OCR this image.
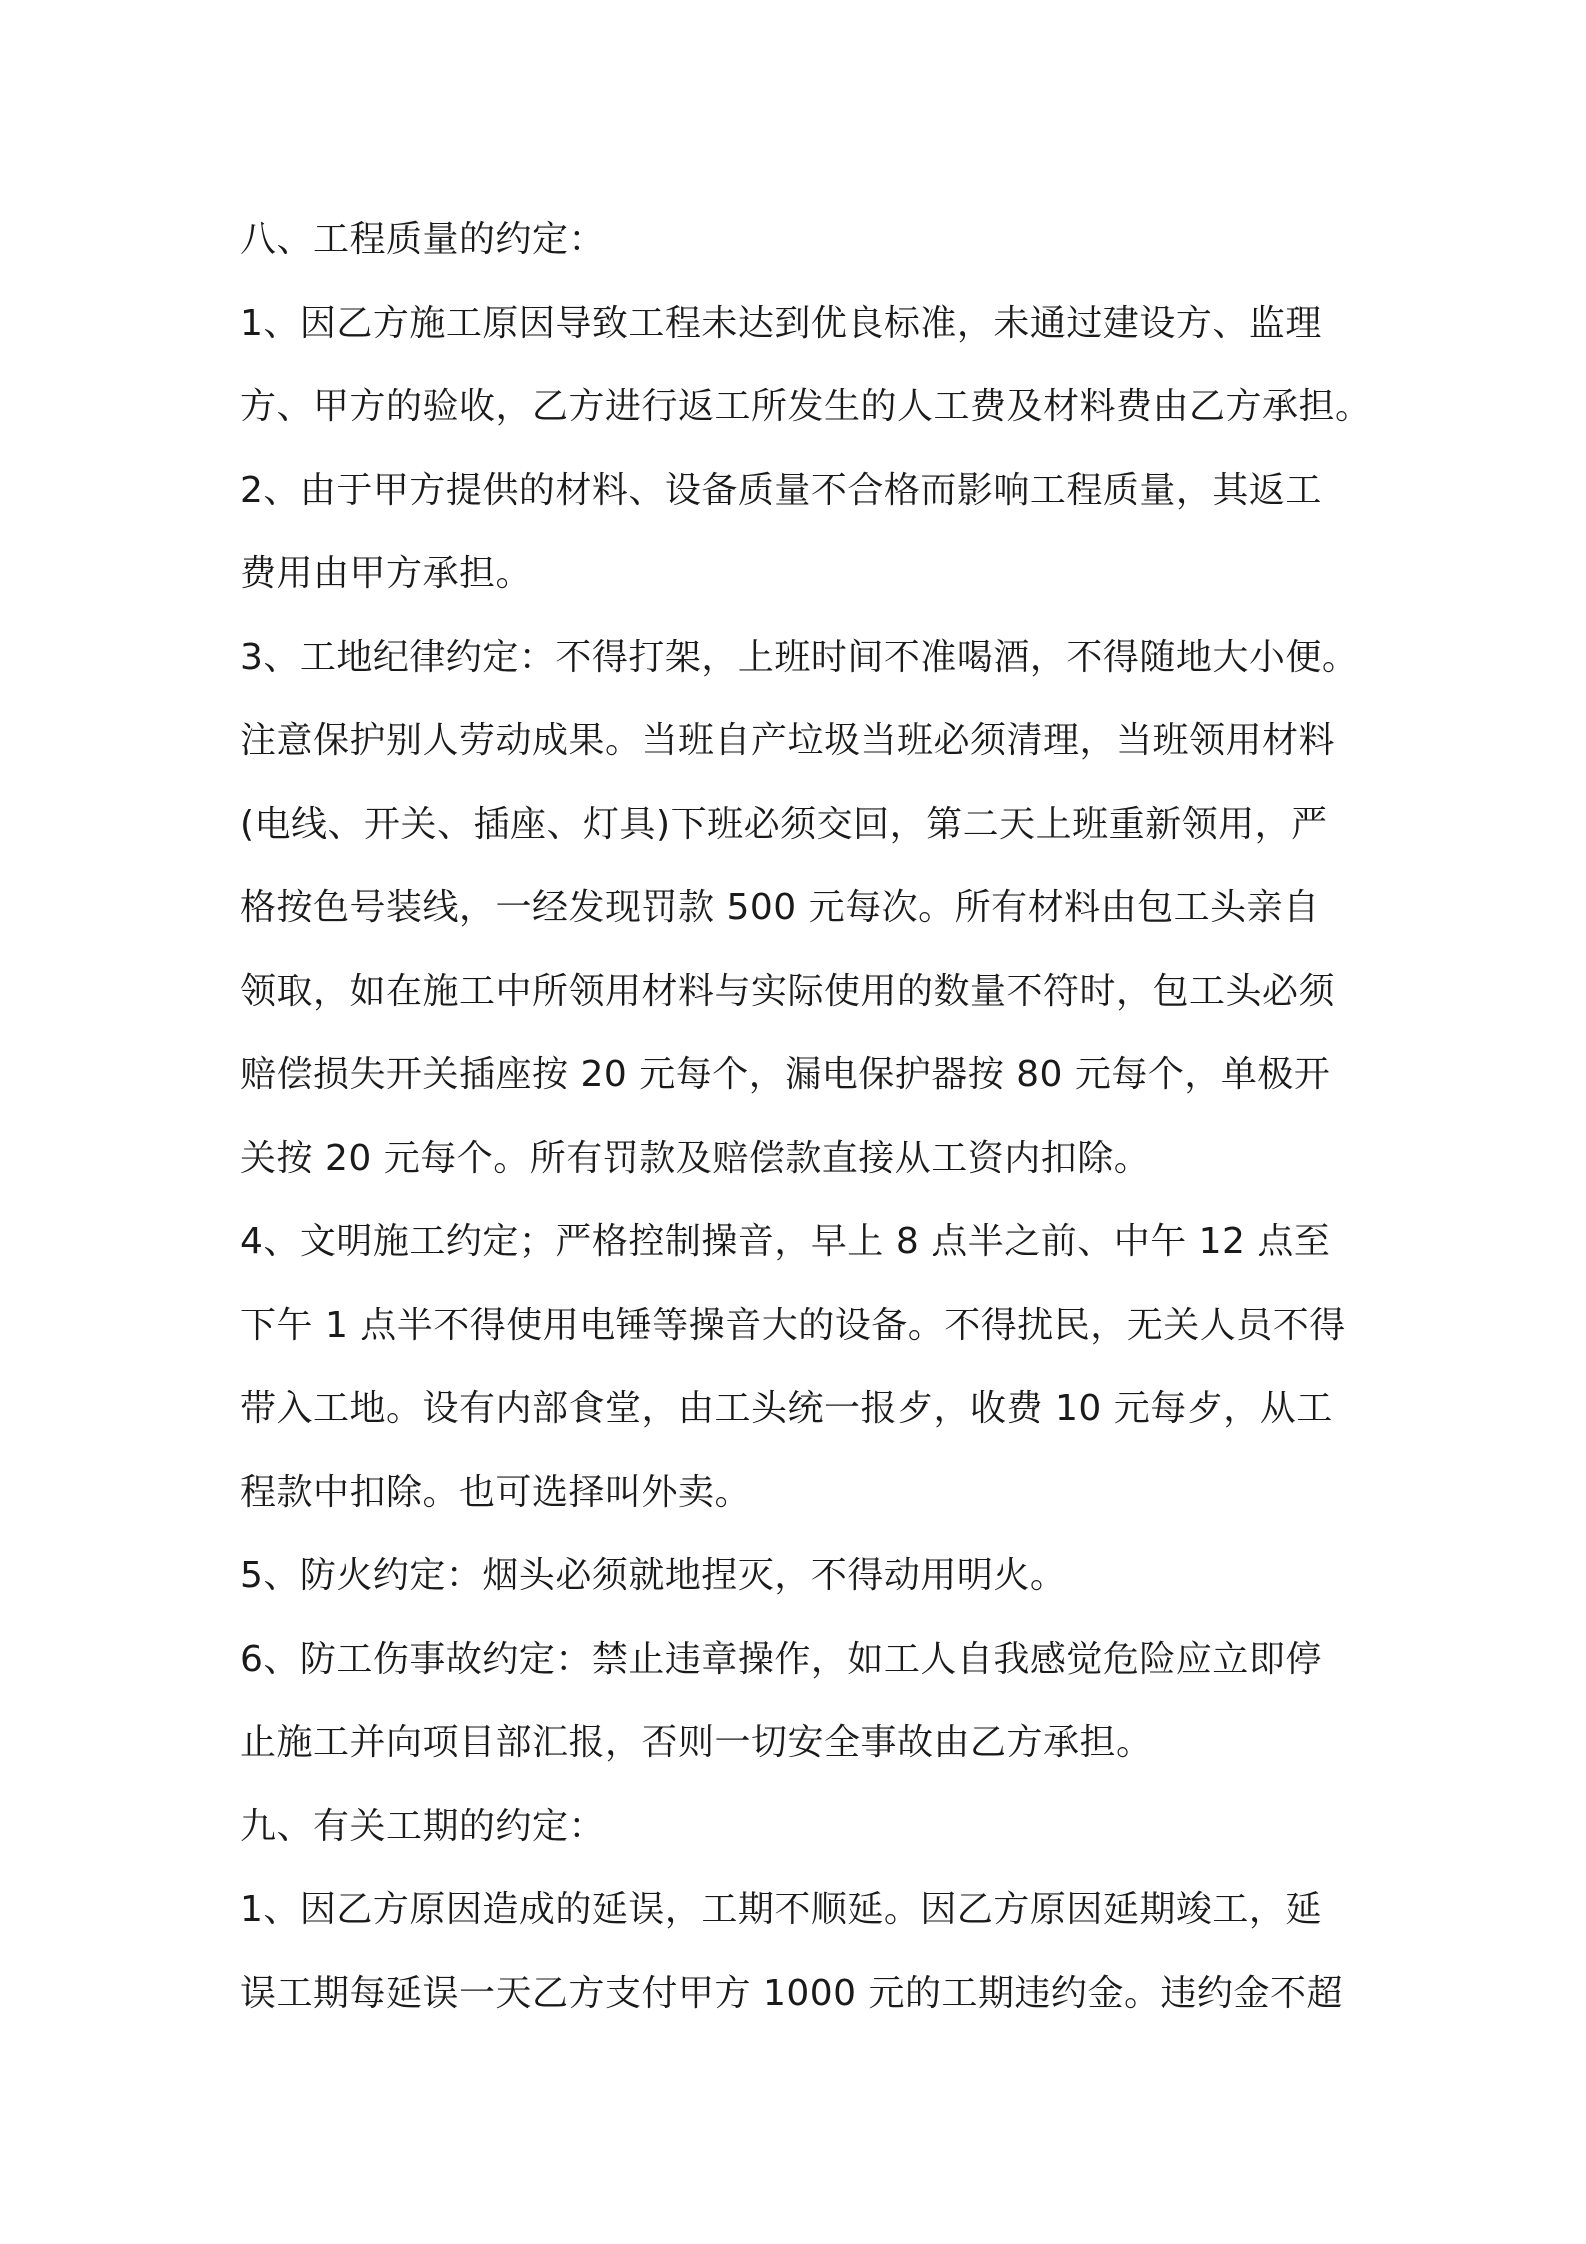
八、工程质量的约定：
1、因乙方施工原因导致工程未达到优良标准，未通过建设方、监理
方、甲方的验收，乙方进行返工所发生的人工费及材料费由乙方承担。
2、由于甲方提供的材料、设备质量不合格而影响工程质量，其返工
费用由甲方承担。
3、工地纪律约定：不得打架，上班时间不准喝酒，不得随地大小便。
注意保护别人劳动成果。当班自产垃圾当班必须清理，当班领用材料
(电线、开关、插座、灯具)下班必须交回，第二天上班重新领用，严
格按色号装线，一经发现罚款 500 元每次。所有材料由包工头亲自
领取，如在施工中所领用材料与实际使用的数量不符时，包工头必须
赔偿损失开关插座按 20 元每个，漏电保护器按 80 元每个，单极开
关按 20 元每个。所有罚款及赔偿款直接从工资内扣除。
4、文明施工约定；严格控制操音，早上 8 点半之前、中午 12 点至
下午 1 点半不得使用电锤等操音大的设备。不得扰民，无关人员不得
带入工地。设有内部食堂，由工头统一报歺，收费 10 元每歺，从工
程款中扣除。也可选择叫外卖。
5、防火约定：烟头必须就地捏灭，不得动用明火。
6、防工伤事故约定：禁止违章操作，如工人自我感觉危险应立即停
止施工并向项目部汇报，否则一切安全事故由乙方承担。
九、有关工期的约定：
1、因乙方原因造成的延误，工期不顺延。因乙方原因延期竣工，延
误工期每延误一天乙方支付甲方 1000 元的工期违约金。违约金不超
